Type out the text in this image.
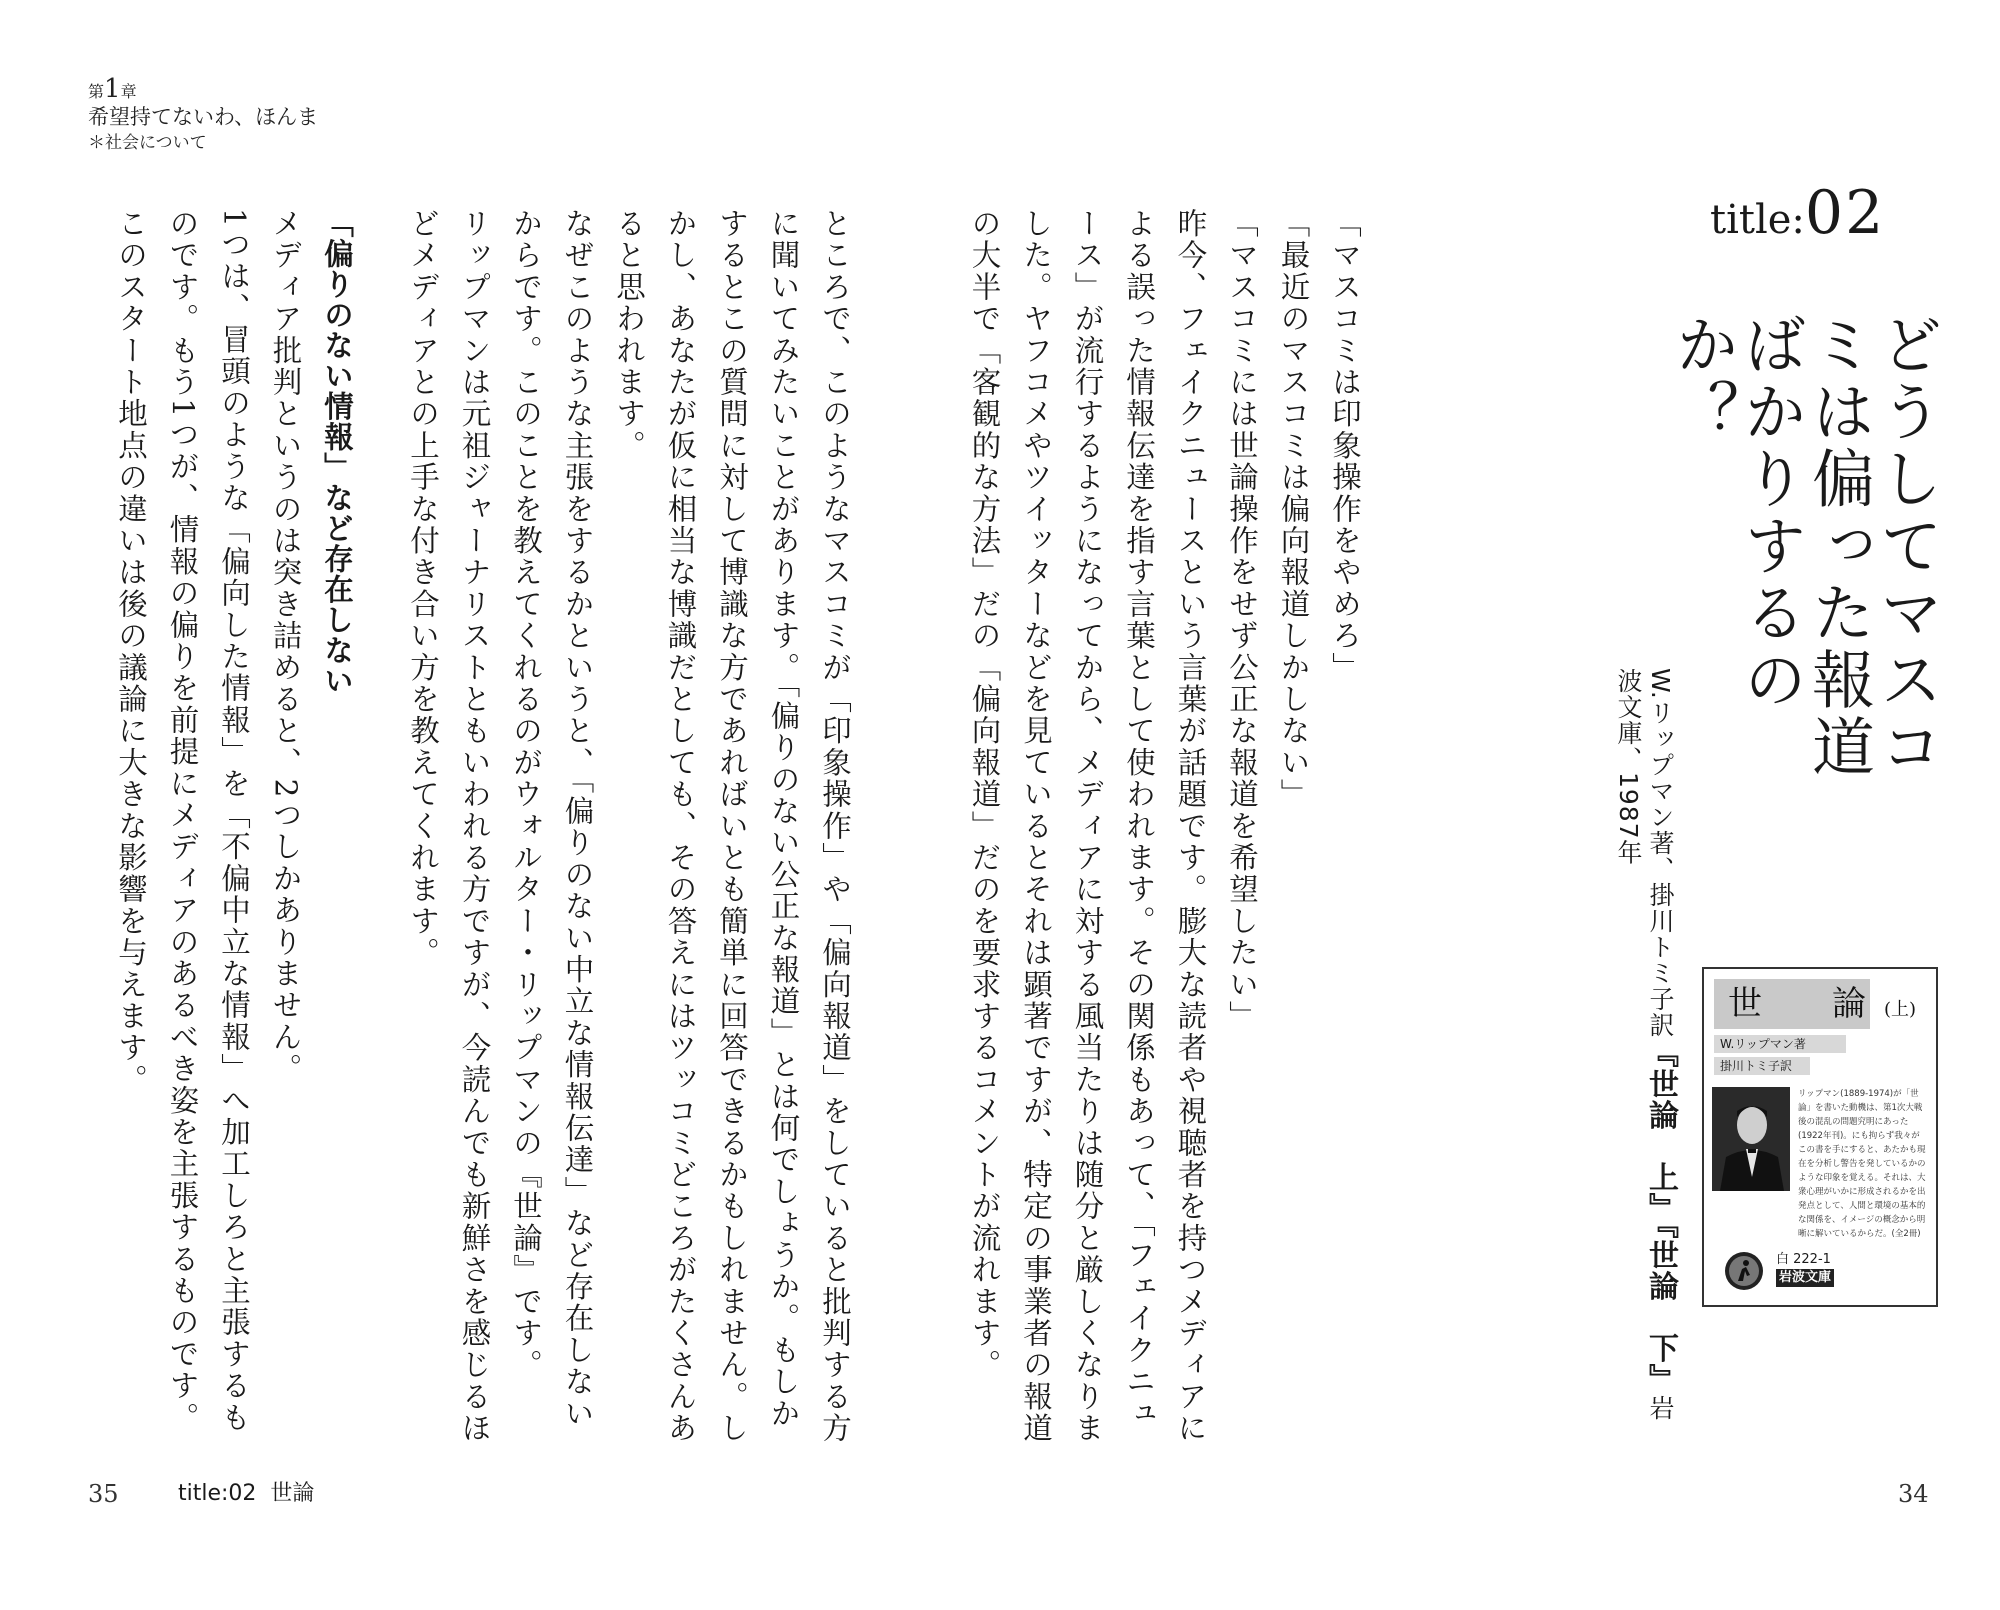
第1章
希望持てないわ、ほんま
＊社会について
title:02
どうしてマスコミは偏った報道ばかりするのか？
W.リップマン著、掛川トミ子訳『世論　上』『世論　下』岩波文庫、1987年
世　論(上)
W.リップマン著
掛川トミ子訳
リップマン(1889-1974)が「世論」を書いた動機は、第1次大戦後の混乱の問題究明にあった(1922年刊)。にも拘らず我々がこの書を手にすると、あたかも現在を分析し警告を発しているかのような印象を覚える。それは、大衆心理がいかに形成されるかを出発点として、人間と環境の基本的な関係を、イメージの概念から明晰に解いているからだ。(全2冊)
白 222-1
岩波文庫

「マスコミは印象操作をやめろ」

「最近のマスコミは偏向報道しかしない」

「マスコミには世論操作をせず公正な報道を希望したい」

昨今、フェイクニュースという言葉が話題です。膨大な読者や視聴者を持つメディアによる誤った情報伝達を指す言葉として使われます。その関係もあって、「フェイクニュース」が流行するようになってから、メディアに対する風当たりは随分と厳しくなりました。ヤフコメやツイッターなどを見ているとそれは顕著ですが、特定の事業者の報道の大半で「客観的な方法」だの「偏向報道」だのを要求するコメントが流れます。

ところで、このようなマスコミが「印象操作」や「偏向報道」をしていると批判する方に聞いてみたいことがあります。「偏りのない公正な報道」とは何でしょうか。もしかするとこの質問に対して博識な方であればいとも簡単に回答できるかもしれません。しかし、あなたが仮に相当な博識だとしても、その答えにはツッコミどころがたくさんあると思われます。

なぜこのような主張をするかというと、「偏りのない中立な情報伝達」など存在しないからです。このことを教えてくれるのがウォルター・リップマンの『世論』です。

リップマンは元祖ジャーナリストともいわれる方ですが、今読んでも新鮮さを感じるほどメディアとの上手な付き合い方を教えてくれます。

「偏りのない情報」など存在しない

メディア批判というのは突き詰めると、2つしかありません。

1つは、冒頭のような「偏向した情報」を「不偏中立な情報」へ加工しろと主張するものです。もう1つが、情報の偏りを前提にメディアのあるべき姿を主張するものです。

このスタート地点の違いは後の議論に大きな影響を与えます。

35	title:02 世論	34
